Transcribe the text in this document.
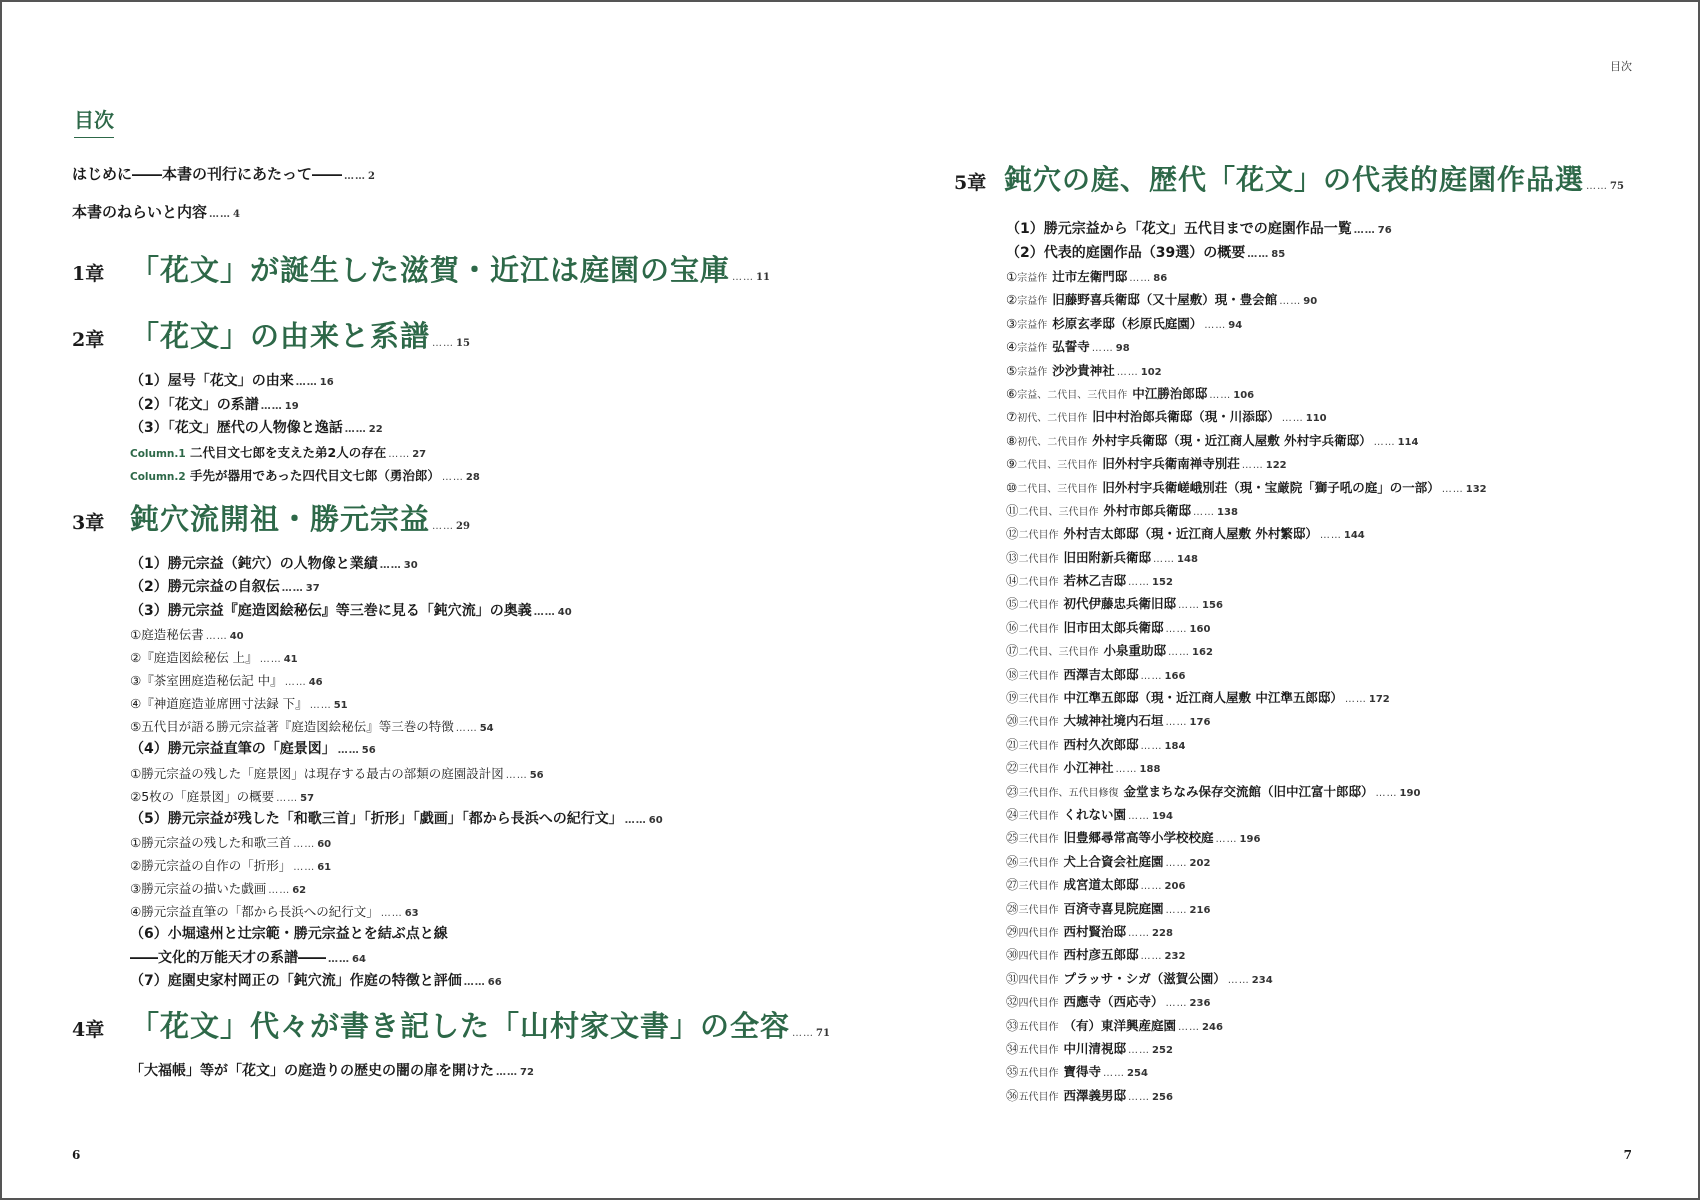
目次
はじめに――本書の刊行にあたって―― …… 2
本書のねらいと内容 …… 4
1章 「花文」が誕生した滋賀・近江は庭園の宝庫 …… 11
2章 「花文」の由来と系譜 …… 15
（1）屋号「花文」の由来 …… 16
（2）「花文」の系譜 …… 19
（3）「花文」歴代の人物像と逸話 …… 22
Column.1 二代目文七郎を支えた弟2人の存在 …… 27
Column.2 手先が器用であった四代目文七郎（勇治郎） …… 28
3章 鈍穴流開祖・勝元宗益 …… 29
（1）勝元宗益（鈍穴）の人物像と業績 …… 30
（2）勝元宗益の自叙伝 …… 37
（3）勝元宗益『庭造図絵秘伝』等三巻に見る「鈍穴流」の奥義 …… 40
①庭造秘伝書 …… 40
②『庭造図絵秘伝 上』 …… 41
③『茶室囲庭造秘伝記 中』 …… 46
④『神道庭造並席囲寸法録 下』 …… 51
⑤五代目が語る勝元宗益著『庭造図絵秘伝』等三巻の特徴 …… 54
（4）勝元宗益直筆の「庭景図」 …… 56
①勝元宗益の残した「庭景図」は現存する最古の部類の庭園設計図 …… 56
②5枚の「庭景図」の概要 …… 57
（5）勝元宗益が残した「和歌三首」「折形」「戯画」「都から長浜への紀行文」 …… 60
①勝元宗益の残した和歌三首 …… 60
②勝元宗益の自作の「折形」 …… 61
③勝元宗益の描いた戯画 …… 62
④勝元宗益直筆の「都から長浜への紀行文」 …… 63
（6）小堀遠州と辻宗範・勝元宗益とを結ぶ点と線
――文化的万能天才の系譜―― …… 64
（7）庭園史家村岡正の「鈍穴流」作庭の特徴と評価 …… 66
4章 「花文」代々が書き記した「山村家文書」の全容 …… 71
「大福帳」等が「花文」の庭造りの歴史の闇の扉を開けた …… 72
6
目次
5章 鈍穴の庭、歴代「花文」の代表的庭園作品選 …… 75
（1）勝元宗益から「花文」五代目までの庭園作品一覧 …… 76
（2）代表的庭園作品（39選）の概要 …… 85
①宗益作 辻市左衛門邸 …… 86
②宗益作 旧藤野喜兵衛邸（又十屋敷）現・豊会館 …… 90
③宗益作 杉原玄孝邸（杉原氏庭園） …… 94
④宗益作 弘誓寺 …… 98
⑤宗益作 沙沙貴神社 …… 102
⑥宗益、二代目、三代目作 中江勝治郎邸 …… 106
⑦初代、二代目作 旧中村治郎兵衛邸（現・川添邸） …… 110
⑧初代、二代目作 外村宇兵衛邸（現・近江商人屋敷 外村宇兵衛邸） …… 114
⑨二代目、三代目作 旧外村宇兵衛南禅寺別荘 …… 122
⑩二代目、三代目作 旧外村宇兵衛嵯峨別荘（現・宝厳院「獅子吼の庭」の一部） …… 132
⑪二代目、三代目作 外村市郎兵衛邸 …… 138
⑫二代目作 外村吉太郎邸（現・近江商人屋敷 外村繁邸） …… 144
⑬二代目作 旧田附新兵衛邸 …… 148
⑭二代目作 若林乙吉邸 …… 152
⑮二代目作 初代伊藤忠兵衛旧邸 …… 156
⑯二代目作 旧市田太郎兵衛邸 …… 160
⑰二代目、三代目作 小泉重助邸 …… 162
⑱三代目作 西澤吉太郎邸 …… 166
⑲三代目作 中江準五郎邸（現・近江商人屋敷 中江準五郎邸） …… 172
⑳三代目作 大城神社境内石垣 …… 176
㉑三代目作 西村久次郎邸 …… 184
㉒三代目作 小江神社 …… 188
㉓三代目作、五代目修復 金堂まちなみ保存交流館（旧中江富十郎邸） …… 190
㉔三代目作 くれない園 …… 194
㉕三代目作 旧豊郷尋常高等小学校校庭 …… 196
㉖三代目作 犬上合資会社庭園 …… 202
㉗三代目作 成宮道太郎邸 …… 206
㉘三代目作 百済寺喜見院庭園 …… 216
㉙四代目作 西村賢治邸 …… 228
㉚四代目作 西村彦五郎邸 …… 232
㉛四代目作 プラッサ・シガ（滋賀公園） …… 234
㉜四代目作 西應寺（西応寺） …… 236
㉝五代目作 （有）東洋興産庭園 …… 246
㉞五代目作 中川清視邸 …… 252
㉟五代目作 寶得寺 …… 254
㊱五代目作 西澤義男邸 …… 256
7
